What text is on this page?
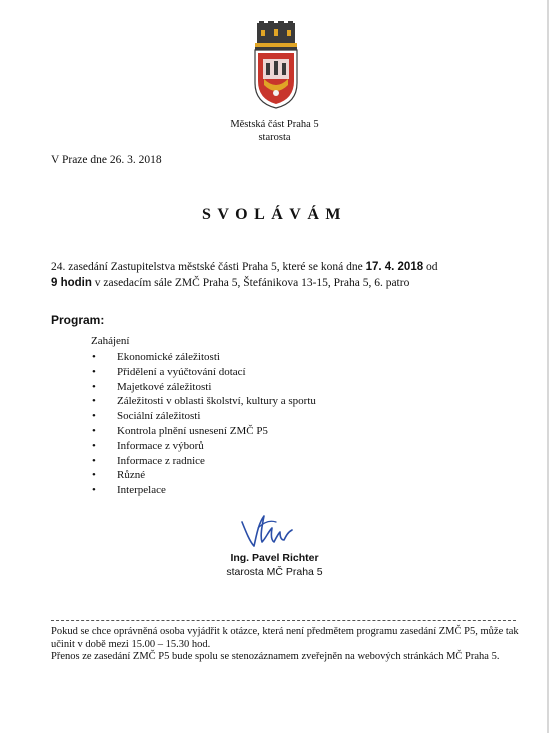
Městská část Praha 5
starosta
V Praze dne 26. 3. 2018
SVOLÁVÁM
24. zasedání Zastupitelstva městské části Praha 5, které se koná dne 17. 4. 2018 od
9 hodin v zasedacím sále ZMČ Praha 5, Štefánikova 13-15, Praha 5, 6. patro
Program:
Zahájení
• Ekonomické záležitosti
• Přidělení a vyúčtování dotací
• Majetkové záležitosti
• Záležitosti v oblasti školství, kultury a sportu
• Sociální záležitosti
• Kontrola plnění usnesení ZMČ P5
• Informace z výborů
• Informace z radnice
• Různé
• Interpelace
Ing. Pavel Richter
starosta MČ Praha 5

Pokud se chce oprávněná osoba vyjádřit k otázce, která není předmětem programu zasedání ZMČ P5, může tak učinit v době mezi 15.00 – 15.30 hod.

Přenos ze zasedání ZMČ P5 bude spolu se stenozáznamem zveřejněn na webových stránkách MČ Praha 5.
